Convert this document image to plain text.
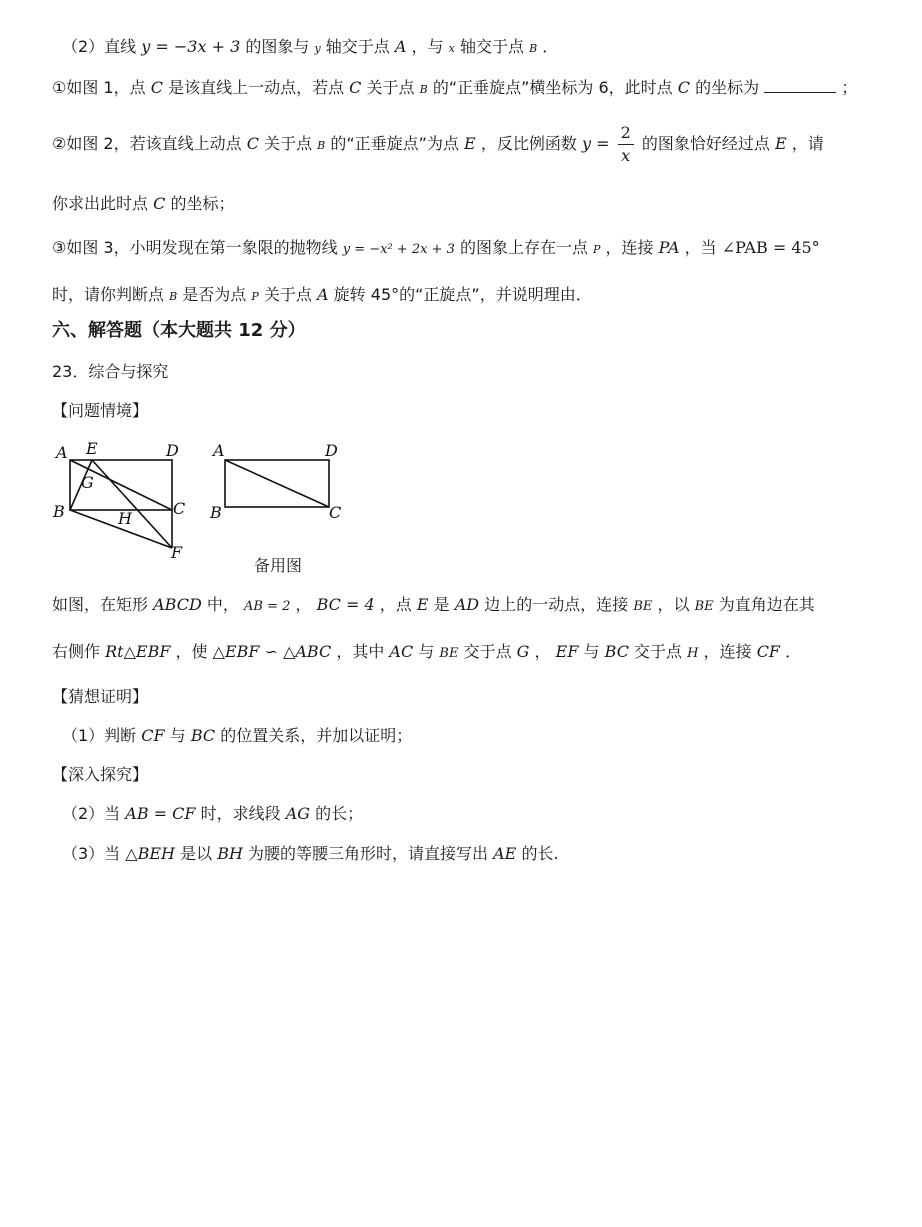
（2）直线 y = −3x + 3 的图象与 y 轴交于点 A ，与 x 轴交于点 B ．
①如图 1，点 C 是该直线上一动点，若点 C 关于点 B 的“正垂旋点”横坐标为 6，此时点 C 的坐标为	；
②如图 2，若该直线上动点 C 关于点 B 的“正垂旋点”为点 E ，反比例函数 $y = \frac{2}{x}$ 的图象恰好经过点 E ，请
你求出此时点 C 的坐标；
③如图 3，小明发现在第一象限的抛物线 y = −x² + 2x + 3 的图象上存在一点 P ，连接 PA ，当 ∠PAB = 45°
时，请你判断点 B 是否为点 P 关于点 A 旋转 45°的“正旋点”，并说明理由．
六、解答题（本大题共 12 分）
23．综合与探究
【问题情境】
A E	D
G
B	H
C
F
A	D
B	C
备用图
如图，在矩形 ABCD 中， AB = 2 ， BC = 4 ，点 E 是 AD 边上的一动点，连接 BE ，以 BE 为直角边在其
右侧作 Rt△EBF ，使 △EBF ∽ △ABC ，其中 AC 与 BE 交于点 G ， EF 与 BC 交于点 H ，连接 CF ．
【猜想证明】
（1）判断 CF 与 BC 的位置关系，并加以证明；
【深入探究】
（2）当 AB = CF 时，求线段 AG 的长；
（3）当 △BEH 是以 BH 为腰的等腰三角形时，请直接写出 AE 的长.
